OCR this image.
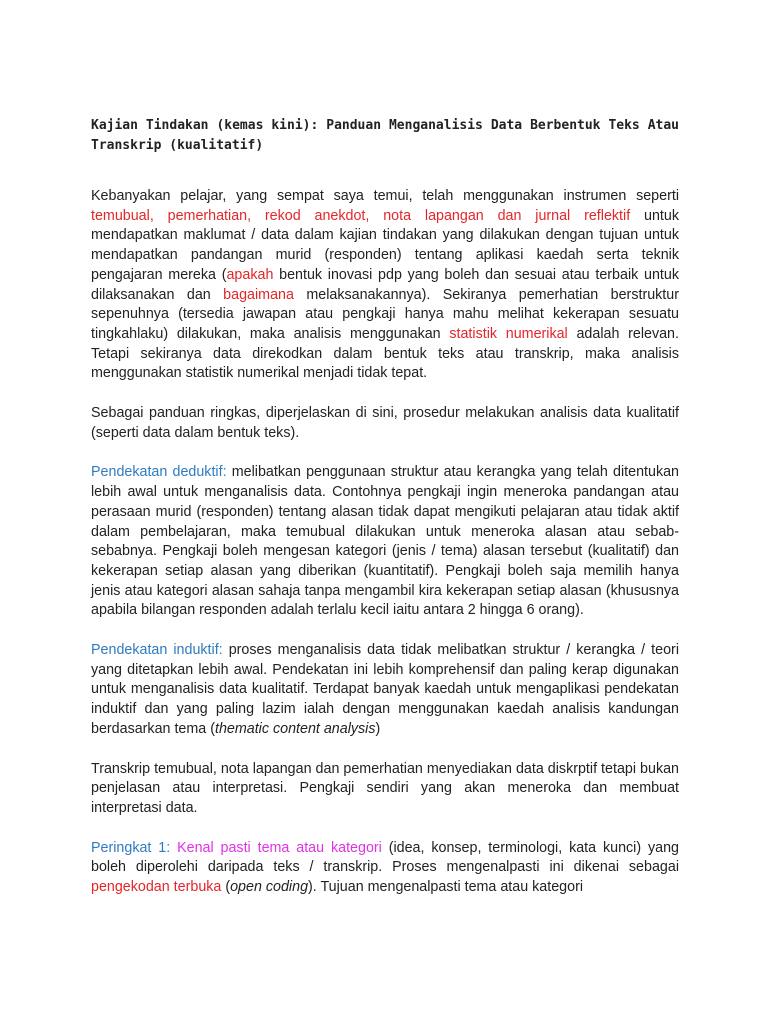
Kajian Tindakan (kemas kini): Panduan Menganalisis Data Berbentuk Teks Atau Transkrip (kualitatif)

Kebanyakan pelajar, yang sempat saya temui, telah menggunakan instrumen seperti temubual, pemerhatian, rekod anekdot, nota lapangan dan jurnal reflektif untuk mendapatkan maklumat / data dalam kajian tindakan yang dilakukan dengan tujuan untuk mendapatkan pandangan murid (responden) tentang aplikasi kaedah serta teknik pengajaran mereka (apakah bentuk inovasi pdp yang boleh dan sesuai atau terbaik untuk dilaksanakan dan bagaimana melaksanakannya). Sekiranya pemerhatian berstruktur sepenuhnya (tersedia jawapan atau pengkaji hanya mahu melihat kekerapan sesuatu tingkahlaku) dilakukan, maka analisis menggunakan statistik numerikal adalah relevan. Tetapi sekiranya data direkodkan dalam bentuk teks atau transkrip, maka analisis menggunakan statistik numerikal menjadi tidak tepat.

Sebagai panduan ringkas, diperjelaskan di sini, prosedur melakukan analisis data kualitatif (seperti data dalam bentuk teks).

Pendekatan deduktif: melibatkan penggunaan struktur atau kerangka yang telah ditentukan lebih awal untuk menganalisis data. Contohnya pengkaji ingin meneroka pandangan atau perasaan murid (responden) tentang alasan tidak dapat mengikuti pelajaran atau tidak aktif dalam pembelajaran, maka temubual dilakukan untuk meneroka alasan atau sebab-sebabnya. Pengkaji boleh mengesan kategori (jenis / tema) alasan tersebut (kualitatif) dan kekerapan setiap alasan yang diberikan (kuantitatif). Pengkaji boleh saja memilih hanya jenis atau kategori alasan sahaja tanpa mengambil kira kekerapan setiap alasan (khususnya apabila bilangan responden adalah terlalu kecil iaitu antara 2 hingga 6 orang).

Pendekatan induktif: proses menganalisis data tidak melibatkan struktur / kerangka / teori yang ditetapkan lebih awal. Pendekatan ini lebih komprehensif dan paling kerap digunakan untuk menganalisis data kualitatif. Terdapat banyak kaedah untuk mengaplikasi pendekatan induktif dan yang paling lazim ialah dengan menggunakan kaedah analisis kandungan berdasarkan tema (thematic content analysis)

Transkrip temubual, nota lapangan dan pemerhatian menyediakan data diskrptif tetapi bukan penjelasan atau interpretasi. Pengkaji sendiri yang akan meneroka dan membuat interpretasi data.

Peringkat 1: Kenal pasti tema atau kategori (idea, konsep, terminologi, kata kunci) yang boleh diperolehi daripada teks / transkrip. Proses mengenalpasti ini dikenai sebagai pengekodan terbuka (open coding). Tujuan mengenalpasti tema atau kategori
